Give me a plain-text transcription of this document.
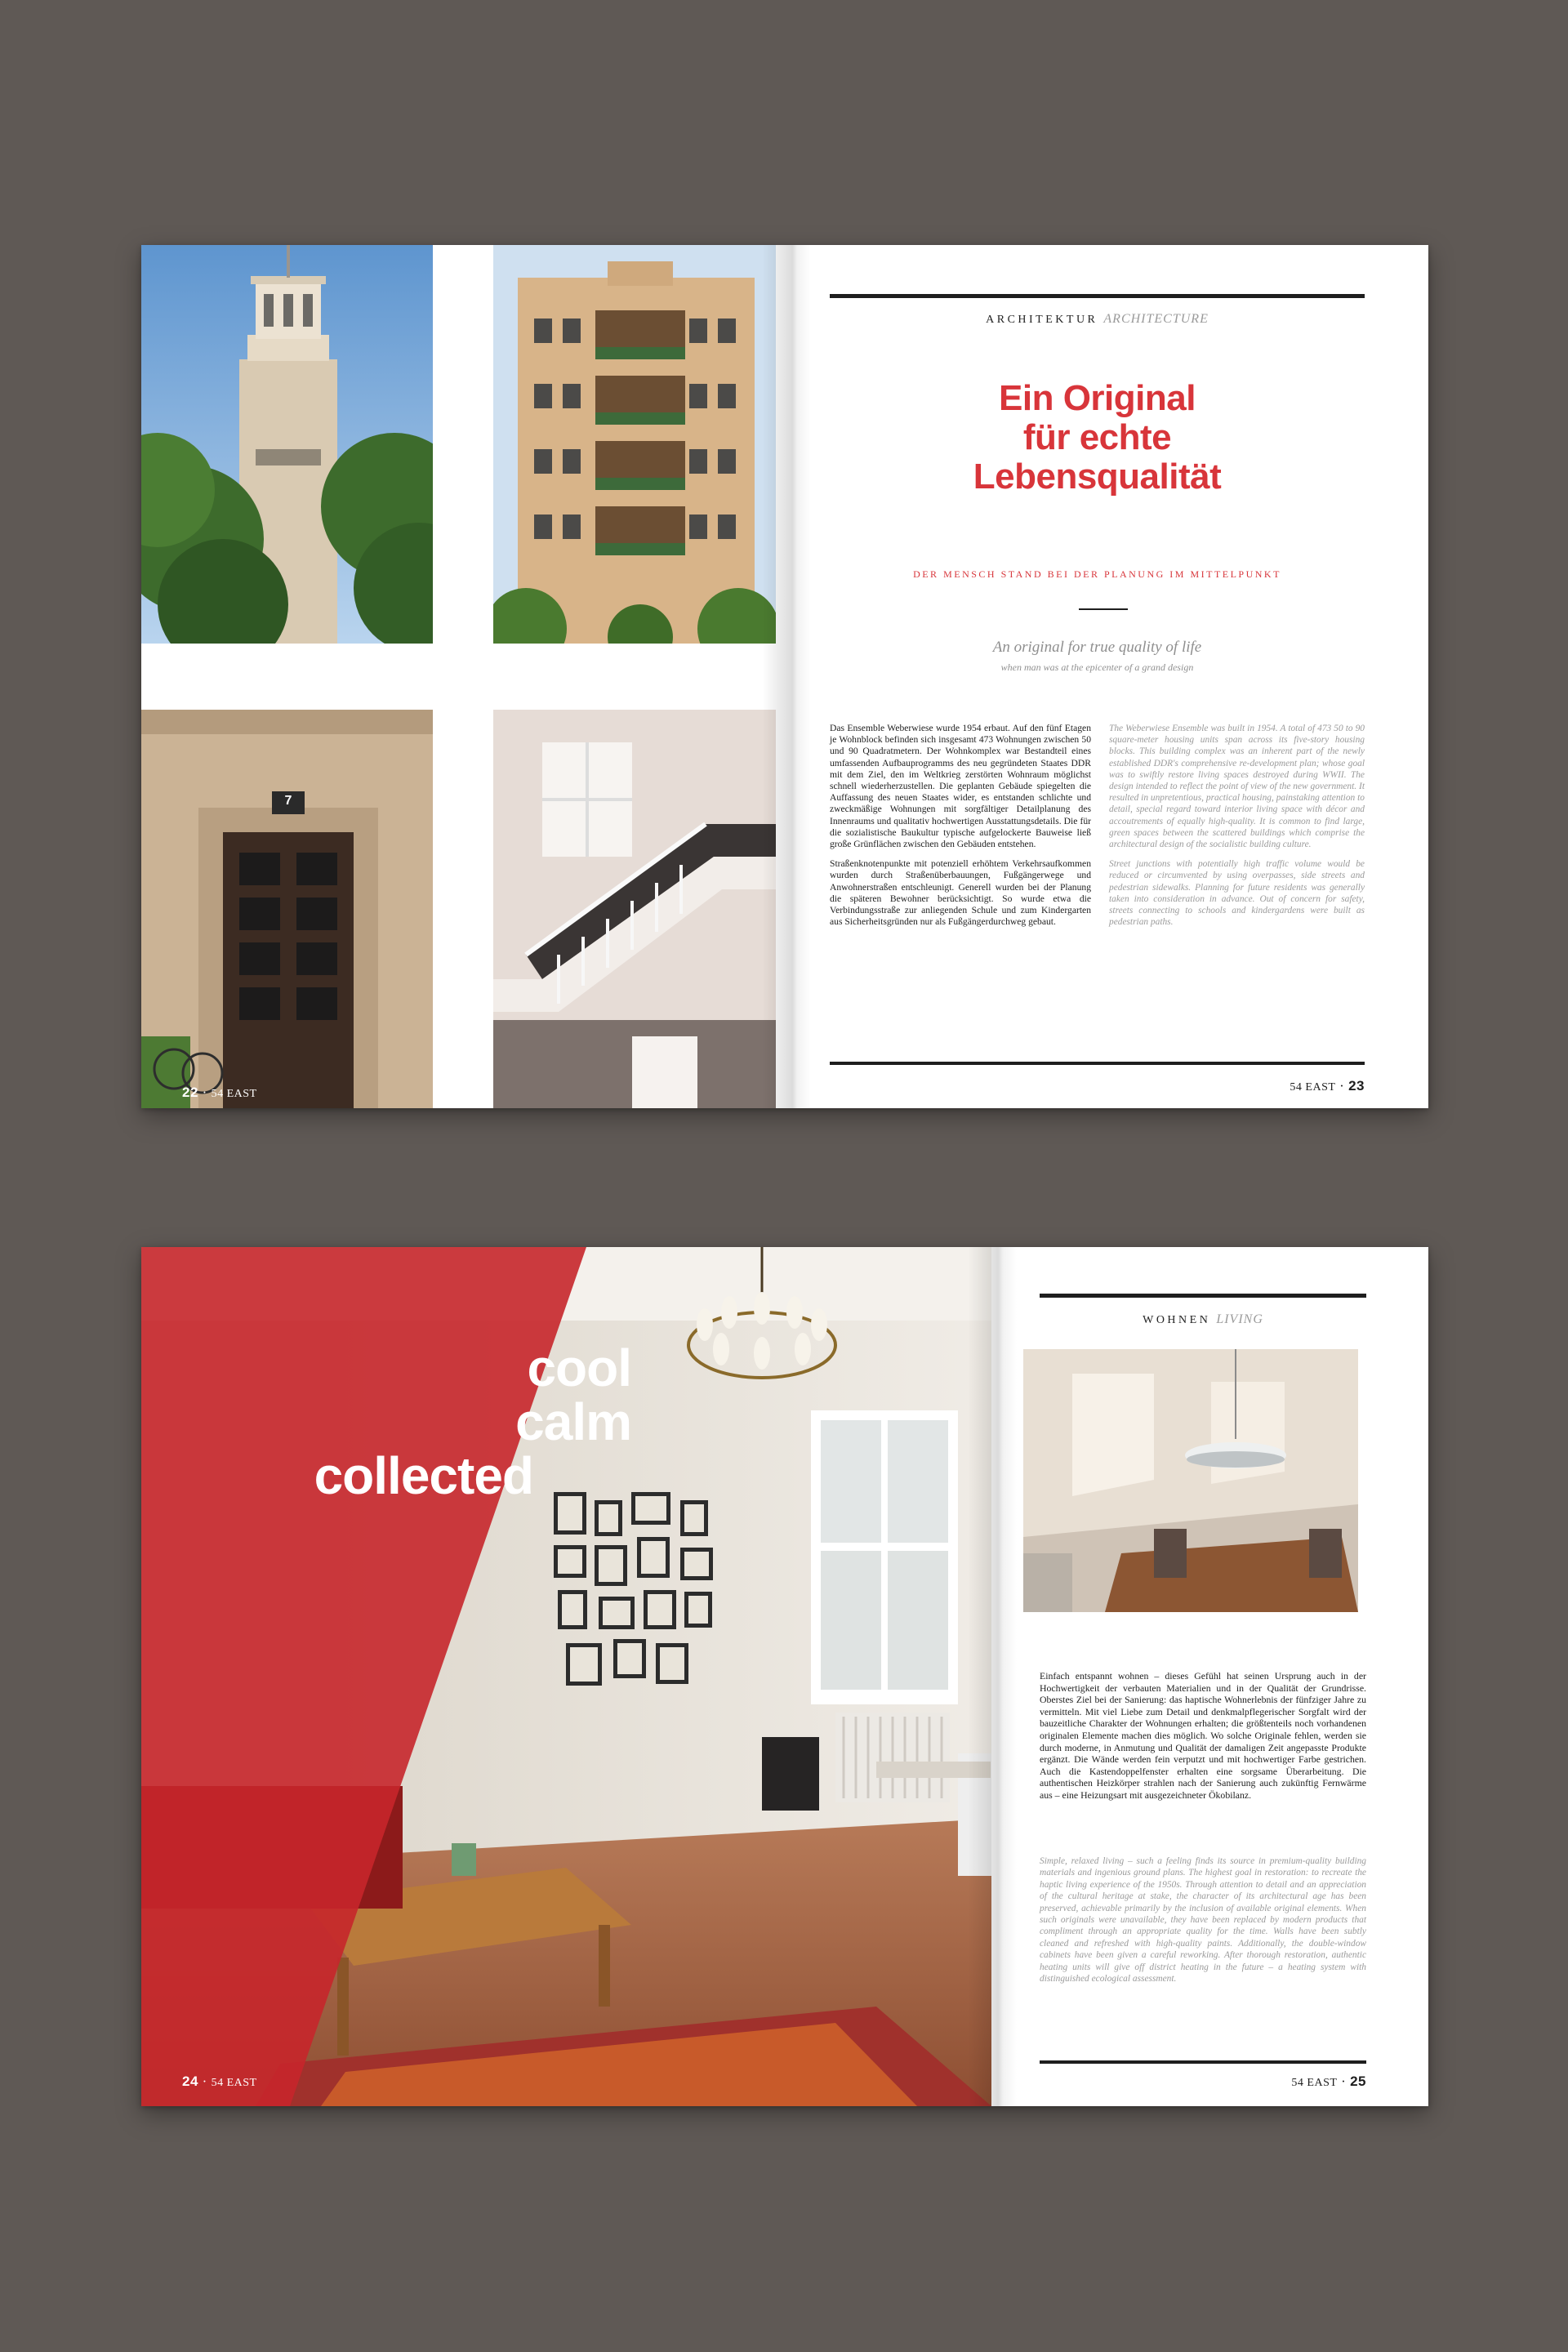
7
ARCHITEKTUR ARCHITECTURE
Ein Original
für echte
Lebensqualität
DER MENSCH STAND BEI DER PLANUNG IM MITTELPUNKT
An original for true quality of life
when man was at the epicenter of a grand design

Das Ensemble Weberwiese wurde 1954 erbaut. Auf den fünf Etagen je Wohnblock befinden sich insgesamt 473 Wohnungen zwischen 50 und 90 Quadratmetern. Der Wohnkomplex war Bestandteil eines umfassenden Aufbauprogramms des neu gegründeten Staates DDR mit dem Ziel, den im Weltkrieg zerstörten Wohnraum möglichst schnell wiederherzustellen. Die geplanten Gebäude spiegelten die Auffassung des neuen Staates wider, es entstanden schlichte und zweckmäßige Wohnungen mit sorgfältiger Detailplanung des Innenraums und qualitativ hochwertigen Ausstattungsdetails. Die für die sozialistische Baukultur typische aufgelockerte Bauweise ließ große Grünflächen zwischen den Gebäuden entstehen.

Straßenknotenpunkte mit potenziell erhöhtem Verkehrsaufkommen wurden durch Straßenüberbauungen, Fußgängerwege und Anwohnerstraßen entschleunigt. Generell wurden bei der Planung die späteren Bewohner berücksichtigt. So wurde etwa die Verbindungsstraße zur anliegenden Schule und zum Kindergarten aus Sicherheitsgründen nur als Fußgängerdurchweg gebaut.

The Weberwiese Ensemble was built in 1954. A total of 473 50 to 90 square-meter housing units span across its five-story housing blocks. This building complex was an inherent part of the newly established DDR's comprehensive re-development plan; whose goal was to swiftly restore living spaces destroyed during WWII. The design intended to reflect the point of view of the new government. It resulted in unpretentious, practical housing, painstaking attention to detail, special regard toward interior living space with décor and accoutrements of equally high-quality. It is common to find large, green spaces between the scattered buildings which comprise the architectural design of the socialistic building culture.

Street junctions with potentially high traffic volume would be reduced or circumvented by using overpasses, side streets and pedestrian sidewalks. Planning for future residents was generally taken into consideration in advance. Out of concern for safety, streets connecting to schools and kindergardens were built as pedestrian paths.

22 · 54 EAST
54 EAST · 23
cool
calm
collected
24 · 54 EAST
WOHNEN LIVING
Einfach entspannt wohnen – dieses Gefühl hat seinen Ursprung auch in der Hochwertigkeit der verbauten Materialien und in der Qualität der Grundrisse. Oberstes Ziel bei der Sanierung: das haptische Wohnerlebnis der fünfziger Jahre zu vermitteln. Mit viel Liebe zum Detail und denkmalpflegerischer Sorgfalt wird der bauzeitliche Charakter der Wohnungen erhalten; die größtenteils noch vorhandenen originalen Elemente machen dies möglich. Wo solche Originale fehlen, werden sie durch moderne, in Anmutung und Qualität der damaligen Zeit angepasste Produkte ergänzt. Die Wände werden fein verputzt und mit hochwertiger Farbe gestrichen. Auch die Kastendoppelfenster erhalten eine sorgsame Überarbeitung. Die authentischen Heizkörper strahlen nach der Sanierung auch zukünftig Fernwärme aus – eine Heizungsart mit ausgezeichneter Ökobilanz.
Simple, relaxed living – such a feeling finds its source in premium-quality building materials and ingenious ground plans. The highest goal in restoration: to recreate the haptic living experience of the 1950s. Through attention to detail and an appreciation of the cultural heritage at stake, the character of its architectural age has been preserved, achievable primarily by the inclusion of available original elements. When such originals were unavailable, they have been replaced by modern products that compliment through an appropriate quality for the time. Walls have been subtly cleaned and refreshed with high-quality paints. Additionally, the double-window cabinets have been given a careful reworking. After thorough restoration, authentic heating units will give off district heating in the future – a heating system with distinguished ecological assessment.
54 EAST · 25
